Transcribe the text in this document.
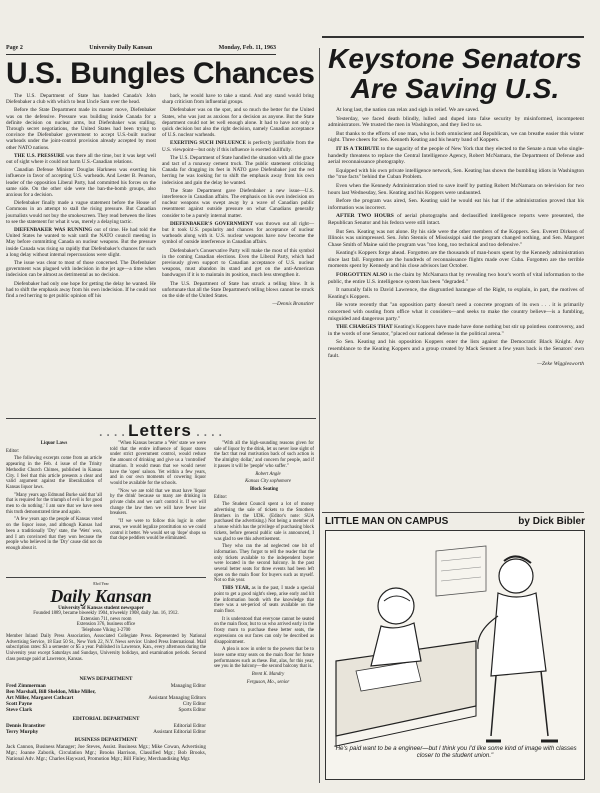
Page 2	University Daily Kansan	Monday, Feb. 11, 1963
U.S. Bungles Chances

The U.S. Department of State has handed Canada's John Diefenbaker a club with which to beat Uncle Sam over the head.

Before the State Department made its master move, Diefenbaker was on the defensive. Pressure was building inside Canada for a definite decision on nuclear arms, but Diefenbaker was stalling. Through secret negotiations, the United States had been trying to convince the Diefenbaker government to accept U.S.-built nuclear warheads under the joint-control provision already accepted by most other NATO nations.

THE U.S. PRESSURE was there all the time, but it was kept well out of sight where it could not harm U.S.-Canadian relations.

Canadian Defense Minister Douglas Harkness was exerting his influence in favor of accepting U.S. warheads. And Lester B. Pearson, leader of the opposition Liberal Party, had committed his forces on the same side. On the other side were the ban-the-bomb groups, also anxious for a decision.

Diefenbaker finally made a vague statement before the House of Commons in an attempt to stall the rising pressure. But Canadian journalists would not buy the smokescreen. They read between the lines to see the statement for what it was, merely a delaying tactic.

DIEFENBAKER WAS RUNNING out of time. He had told the United States he wanted to wait until the NATO council meeting in May before committing Canada on nuclear weapons. But the pressure inside Canada was rising so rapidly that Diefenbaker's chances for such a long delay without internal repercussions were slight.

The issue was clear to most of those concerned. The Diefenbaker government was plagued with indecision in the jet age—a time when indecision can be almost as detrimental as no decision.

Diefenbaker had only one hope for getting the delay he wanted. He had to shift the emphasis away from his own indecision. If he could not find a red herring to get public opinion off his

back, he would have to take a stand. And any stand would bring sharp criticism from influential groups.

Diefenbaker was on the spot, and so much the better for the United States, who was just as anxious for a decision as anyone. But the State department could not let well enough alone. It had to have not only a quick decision but also the right decision, namely Canadian acceptance of U.S. nuclear warheads.

EXERTING SUCH INFLUENCE is perfectly justifiable from the U.S. viewpoint—but only if this influence is exerted skillfully.

The U.S. Department of State handled the situation with all the grace and tact of a runaway cement truck. The public statement criticizing Canada for dragging its feet in NATO gave Diefenbaker just the red herring he was looking for to shift the emphasis away from his own indecision and gain the delay he wanted.

The State Department gave Diefenbaker a new issue—U.S. interference in Canadian affairs. The emphasis on his own indecision on nuclear weapons was swept away by a wave of Canadian public resentment against outside pressure on what Canadians generally consider to be a purely internal matter.

DIEFENBAKER'S GOVERNMENT was thrown out all right—but it took U.S. popularity and chances for acceptance of nuclear warheads along with it. U.S. nuclear weapons have now become the symbol of outside interference in Canadian affairs.

Diefenbaker's Conservative Party will make the most of this symbol in the coming Canadian elections. Even the Liberal Party, which had previously given support to Canadian acceptance of U.S. nuclear weapons, must abandon its stand and get on the anti-American bandwagon if it is to maintain its position, much less strengthen it.

The U.S. Department of State has struck a telling blow. It is unfortunate that all the State Department's telling blows cannot be struck on the side of the United States.

—Dennis Branstiter

Keystone Senators Are Saving U.S.

At long last, the nation can relax and sigh in relief. We are saved.

Yesterday, we faced death blindly, lulled and duped into false security by misinformed, incompetent administrators. We trusted the men in Washington, and they lied to us.

But thanks to the efforts of one man, who is both omniscient and Republican, we can breathe easier this winter night. Three cheers for Sen. Kenneth Keating and his hearty band of Koppers.

IT IS A TRIBUTE to the sagacity of the people of New York that they elected to the Senate a man who single-handedly threatens to replace the Central Intelligence Agency, Robert McNamara, the Department of Defense and aerial reconnaissance photography.

Equipped with his own private intelligence network, Sen. Keating has shown the bumbling idiots in Washington the "true facts" behind the Cuban Problem.

Even when the Kennedy Administration tried to save itself by putting Robert McNamara on television for two hours last Wednesday, Sen. Keating and his Koppers were undaunted.

Before the program was aired, Sen. Keating said he would eat his hat if the administration proved that his information was incorrect.

AFTER TWO HOURS of aerial photographs and declassified intelligence reports were presented, the Republican Senator and his fedora were still intact.

But Sen. Keating was not alone. By his side were the other members of the Koppers. Sen. Everett Dirksen of Illinois was unimpressed. Sen. John Stennis of Mississippi said the program changed nothing, and Sen. Margaret Chase Smith of Maine said the program was "too long, too technical and too defensive."

Keating's Koppers forge ahead. Forgotten are the thousands of man-hours spent by the Kennedy administration since last fall. Forgotten are the hundreds of reconnaissance flights made over Cuba. Forgotten are the terrible moments spent by Kennedy and his close advisors last October.

FORGOTTEN ALSO is the claim by McNamara that by revealing two hour's worth of vital information to the public, the entire U.S. intelligence system has been "degraded."

It naturally falls to David Lawrence, the disgruntled harangue of the Right, to explain, in part, the motives of Keating's Koppers.

He wrote recently that "an opposition party doesn't need a concrete program of its own . . . it is primarily concerned with ousting from office what it considers—and seeks to make the country believe—is a fumbling, misguided and dangerous party."

THE CHARGES THAT Keating's Koppers have made have done nothing but stir up pointless controversy, and in the words of one Senator, "placed our national defense in the political arena."

So Sen. Keating and his opposition Koppers enter the lists against the Democratic Black Knight. Any resemblance to the Keating Koppers and a group created by Mack Sennett a few years back is the Senators' own fault.

—Zeke Wigglesworth

. . . . Letters . . . .

Liquor Laws

Editor:

The following excerpts come from an article appearing in the Feb. 4 issue of the Trinity Methodist Church Chimes, published in Kansas City. I feel that this article presents a clear and valid argument against the liberalization of Kansas liquor laws.

"Many years ago Edmund Burke said that 'all that is required for the triumph of evil is for good men to do nothing.' I am sure that we have seen this truth demonstrated time and again.

"A few years ago the people of Kansas voted on the liquor issue, and although Kansas had been a traditionally 'Dry' state, the 'Wets' won, and I am convinced that they won because the people who believed in the 'Dry' cause did not do enough about it.

"When Kansas became a 'Wet' state we were told that the entire influence of liquor stores under strict government control, would reduce the amount of drinking and give us a 'controlled' situation. It would mean that we would never have the 'open' saloon. Yet within a few years, and in our own moments of cowering liquor would be available for the schools.

"Now we are told that we must have 'liquor by the drink' because so many are drinking in private clubs and we can't control it. If we will change the law then we will have fewer law breakers.

"If we were to follow this logic in other areas, we would legalize prostitution so we could control it better. We would set up 'dope' shops so that dope peddlers would be eliminated.

"With all the high-sounding reasons given for sale of liquor by the drink, let us never lose sight of the fact that real motivation back of such action is 'the almighty dollar,' and concern for people, and if it passes it will be 'people' who suffer."

Robert Angle

Kansas City sophomore

Block Seating

Editor:

The Student Council spent a lot of money advertising the sale of tickets to the Smothers Brothers in the UDK. (Editor's note: SUA purchased the advertising.) Not being a member of a house which has the privilege of purchasing block tickets, before general public sale is announced, I was glad to see this advertisement.

They who ran the ad neglected one bit of information. They forgot to tell the reader that the only tickets available to the independent buyer were located in the second balcony. In the past several better seats for three events had been left open on the main floor for buyers such as myself. Not so this year.

THIS YEAR, as in the past, I made a special point to get a good night's sleep, arise early and hit the information booth with the knowledge that there was a set-period of seats available on the main floor.

It is understood that everyone cannot be seated on the main floor, but to us who arrived early in the frosty morn to purchase these better seats, the expressions on our faces can only be described as disappointment.

A plea is now in order to the powers that be to leave some stray seats on the main floor for future performances such as these. But, alas, for this year, see you in the balcony—the second balcony that is.

Brent K. Mandry

Ferguson, Mo., senior

83rd Year
Daily Kansan
University of Kansas student newspaper
Founded 1889, became biweekly 1904, triweekly 1908, daily Jan. 16, 1912.
Extension 711, news room
Extension 376, business office
Telephone Viking 3-2700
Member Inland Daily Press Association, Associated Collegiate Press. Represented by National Advertising Service, 18 East 50 St., New York 22, N.Y. News service: United Press International. Mail subscription rates: $3 a semester or $5 a year. Published in Lawrence, Kan., every afternoon during the University year except Saturdays and Sundays, University holidays, and examination periods. Second class postage paid at Lawrence, Kansas.
NEWS DEPARTMENT
Fred Zimmerman	Managing Editor
Ben Marshall, Bill Sheldon, Mike Miller,
Art Miller, Margaret Cathcart	Assistant Managing Editors
Scott Payne	City Editor
Steve Clark	Sports Editor
EDITORIAL DEPARTMENT
Dennis Branstiter	Editorial Editor
Terry Murphy	Assistant Editorial Editor
BUSINESS DEPARTMENT
Jack Cannon, Business Manager; Joe Steves, Assist. Business Mgr.; Mike Cowan, Advertising Mgr.; Joanne Zaborik, Circulation Mgr.; Brooks Harrison, Classified Mgr.; Bob Brooks, National Adv. Mgr.; Charles Hayward, Promotion Mgr.; Bill Finley, Merchandising Mgr.
LITTLE MAN ON CAMPUS	by Dick Bibler
"He's paid want to be a engineer—but I think you I'd like some kind of image with classes closer to the student union."
